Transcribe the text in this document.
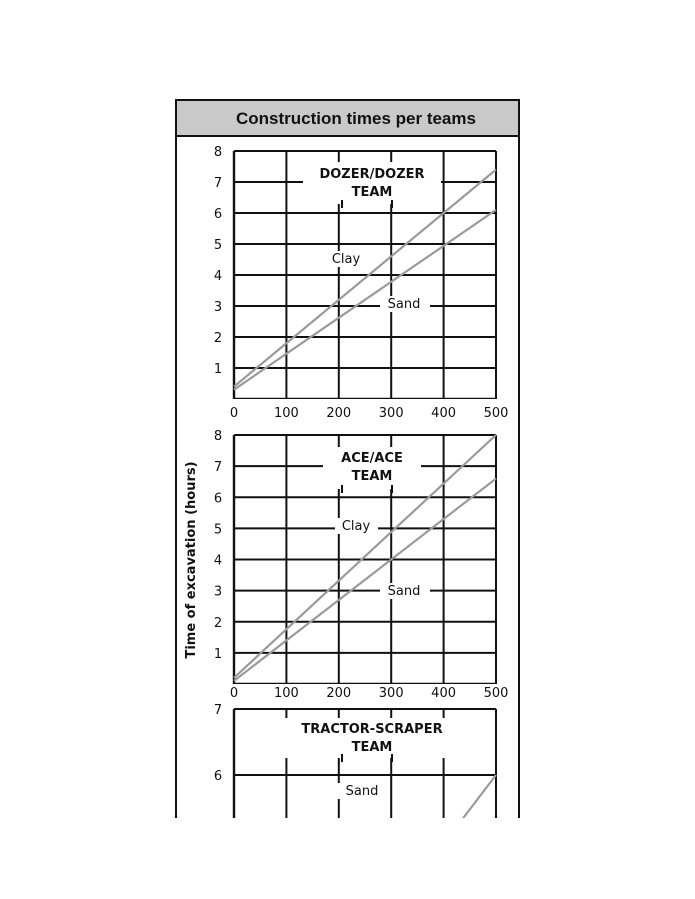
Construction times per teams
Time of excavation (hours)
DOZER/DOZER
TEAM
Clay
Sand
1
2
3
4
5
6
7
8
0	100 200 300 400 500
ACE/ACE
TEAM
Clay
Sand
1
2
3
4
5
6
7
8
0	100 200 300 400 500
TRACTOR-SCRAPER
TEAM
Sand
6
7
